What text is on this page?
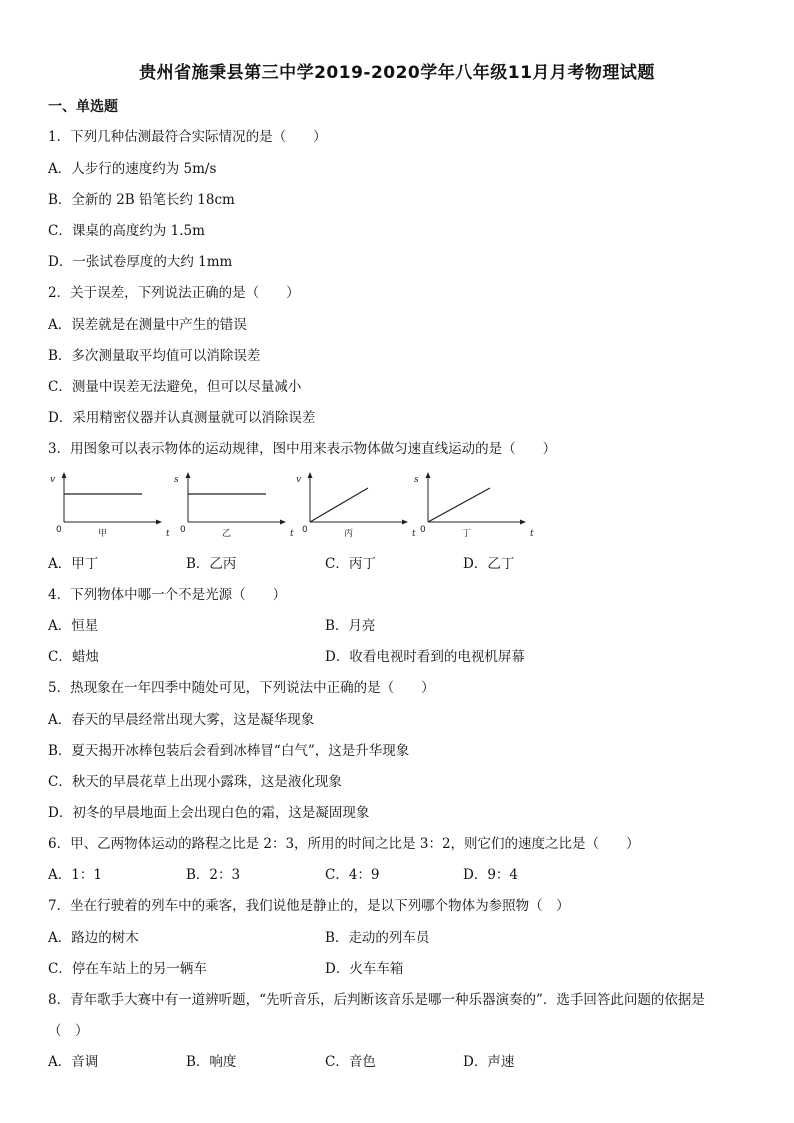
贵州省施秉县第三中学2019-2020学年八年级11月月考物理试题
一、单选题
1．下列几种估测最符合实际情况的是（　　）
A．人步行的速度约为 5m/s
B．全新的 2B 铅笔长约 18cm
C．课桌的高度约为 1.5m
D．一张试卷厚度的大约 1mm
2．关于误差，下列说法正确的是（　　）
A．误差就是在测量中产生的错误
B．多次测量取平均值可以消除误差
C．测量中误差无法避免，但可以尽量减小
D．采用精密仪器并认真测量就可以消除误差
3．用图象可以表示物体的运动规律，图中用来表示物体做匀速直线运动的是（　　）
v
t
0	甲
s
t
0	乙
v
t
0	丙
s
t
0	丁
A．甲丁	B．乙丙	C．丙丁	D．乙丁
4．下列物体中哪一个不是光源（　　）
A．恒星	B．月亮
C．蜡烛	D．收看电视时看到的电视机屏幕
5．热现象在一年四季中随处可见，下列说法中正确的是（　　）
A．春天的早晨经常出现大雾，这是凝华现象
B．夏天揭开冰棒包装后会看到冰棒冒“白气”，这是升华现象
C．秋天的早晨花草上出现小露珠，这是液化现象
D．初冬的早晨地面上会出现白色的霜，这是凝固现象
6．甲、乙两物体运动的路程之比是 2：3，所用的时间之比是 3：2，则它们的速度之比是（　　）
A．1：1	B．2：3	C．4：9	D．9：4
7．坐在行驶着的列车中的乘客，我们说他是静止的，是以下列哪个物体为参照物（　）
A．路边的树木	B．走动的列车员
C．停在车站上的另一辆车	D．火车车箱
8．青年歌手大赛中有一道辨听题，“先听音乐，后判断该音乐是哪一种乐器演奏的”．选手回答此问题的依据是
（　）
A．音调	B．响度	C．音色	D．声速
